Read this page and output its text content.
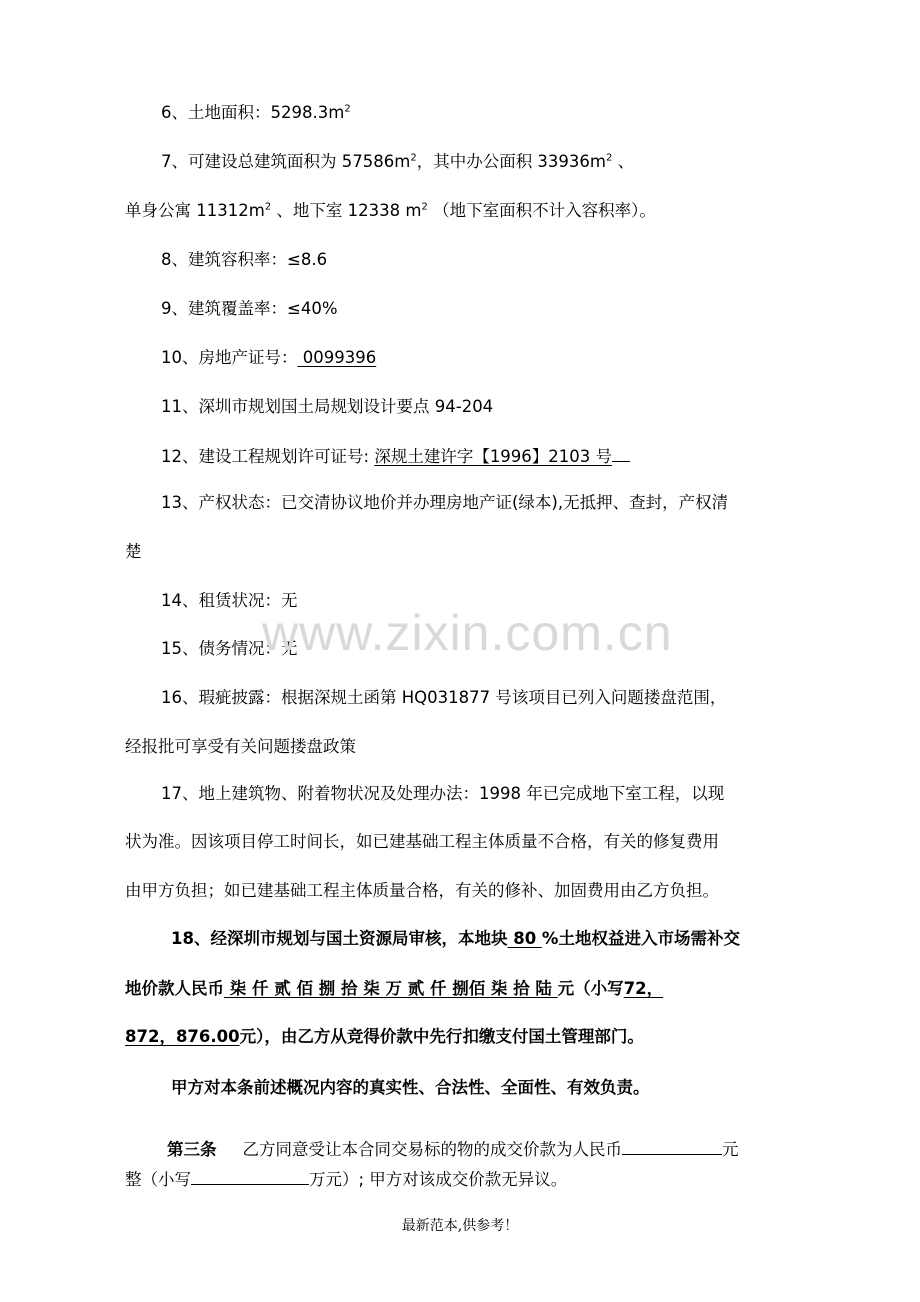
6、土地面积：$5298.3m^2$
7、可建设总建筑面积为 $57586m^2$，其中办公面积 $33936m^2$ 、
单身公寓 $11312m^2$ 、地下室 12338 $m^2$ （地下室面积不计入容积率）。
8、建筑容积率：≤8.6
9、建筑覆盖率：≤40%
10、房地产证号： 0099396
11、深圳市规划国土局规划设计要点 94-204
12、建设工程规划许可证号: 深规土建许字【1996】2103 号
13、产权状态：已交清协议地价并办理房地产证(绿本),无抵押、查封，产权清
楚
14、租赁状况：无
15、债务情况：无
16、瑕疵披露：根据深规土函第 HQ031877 号该项目已列入问题搂盘范围，
经报批可享受有关问题搂盘政策
17、地上建筑物、附着物状况及处理办法：1998 年已完成地下室工程，以现
状为准。因该项目停工时间长，如已建基础工程主体质量不合格，有关的修复费用
由甲方负担；如已建基础工程主体质量合格，有关的修补、加固费用由乙方负担。
18、经深圳市规划与国土资源局审核，本地块 80 %土地权益进入市场需补交
地价款人民币 柒 仟 贰 佰 捌 拾 柒 万 贰 仟 捌佰 柒 拾 陆 元（小写72，
872，876.00元），由乙方从竞得价款中先行扣缴支付国土管理部门。
甲方对本条前述概况内容的真实性、合法性、全面性、有效负责。
第三条 乙方同意受让本合同交易标的物的成交价款为人民币	元
整（小写	万元）; 甲方对该成交价款无异议。
www.zixin.com.cn
最新范本,供参考！
